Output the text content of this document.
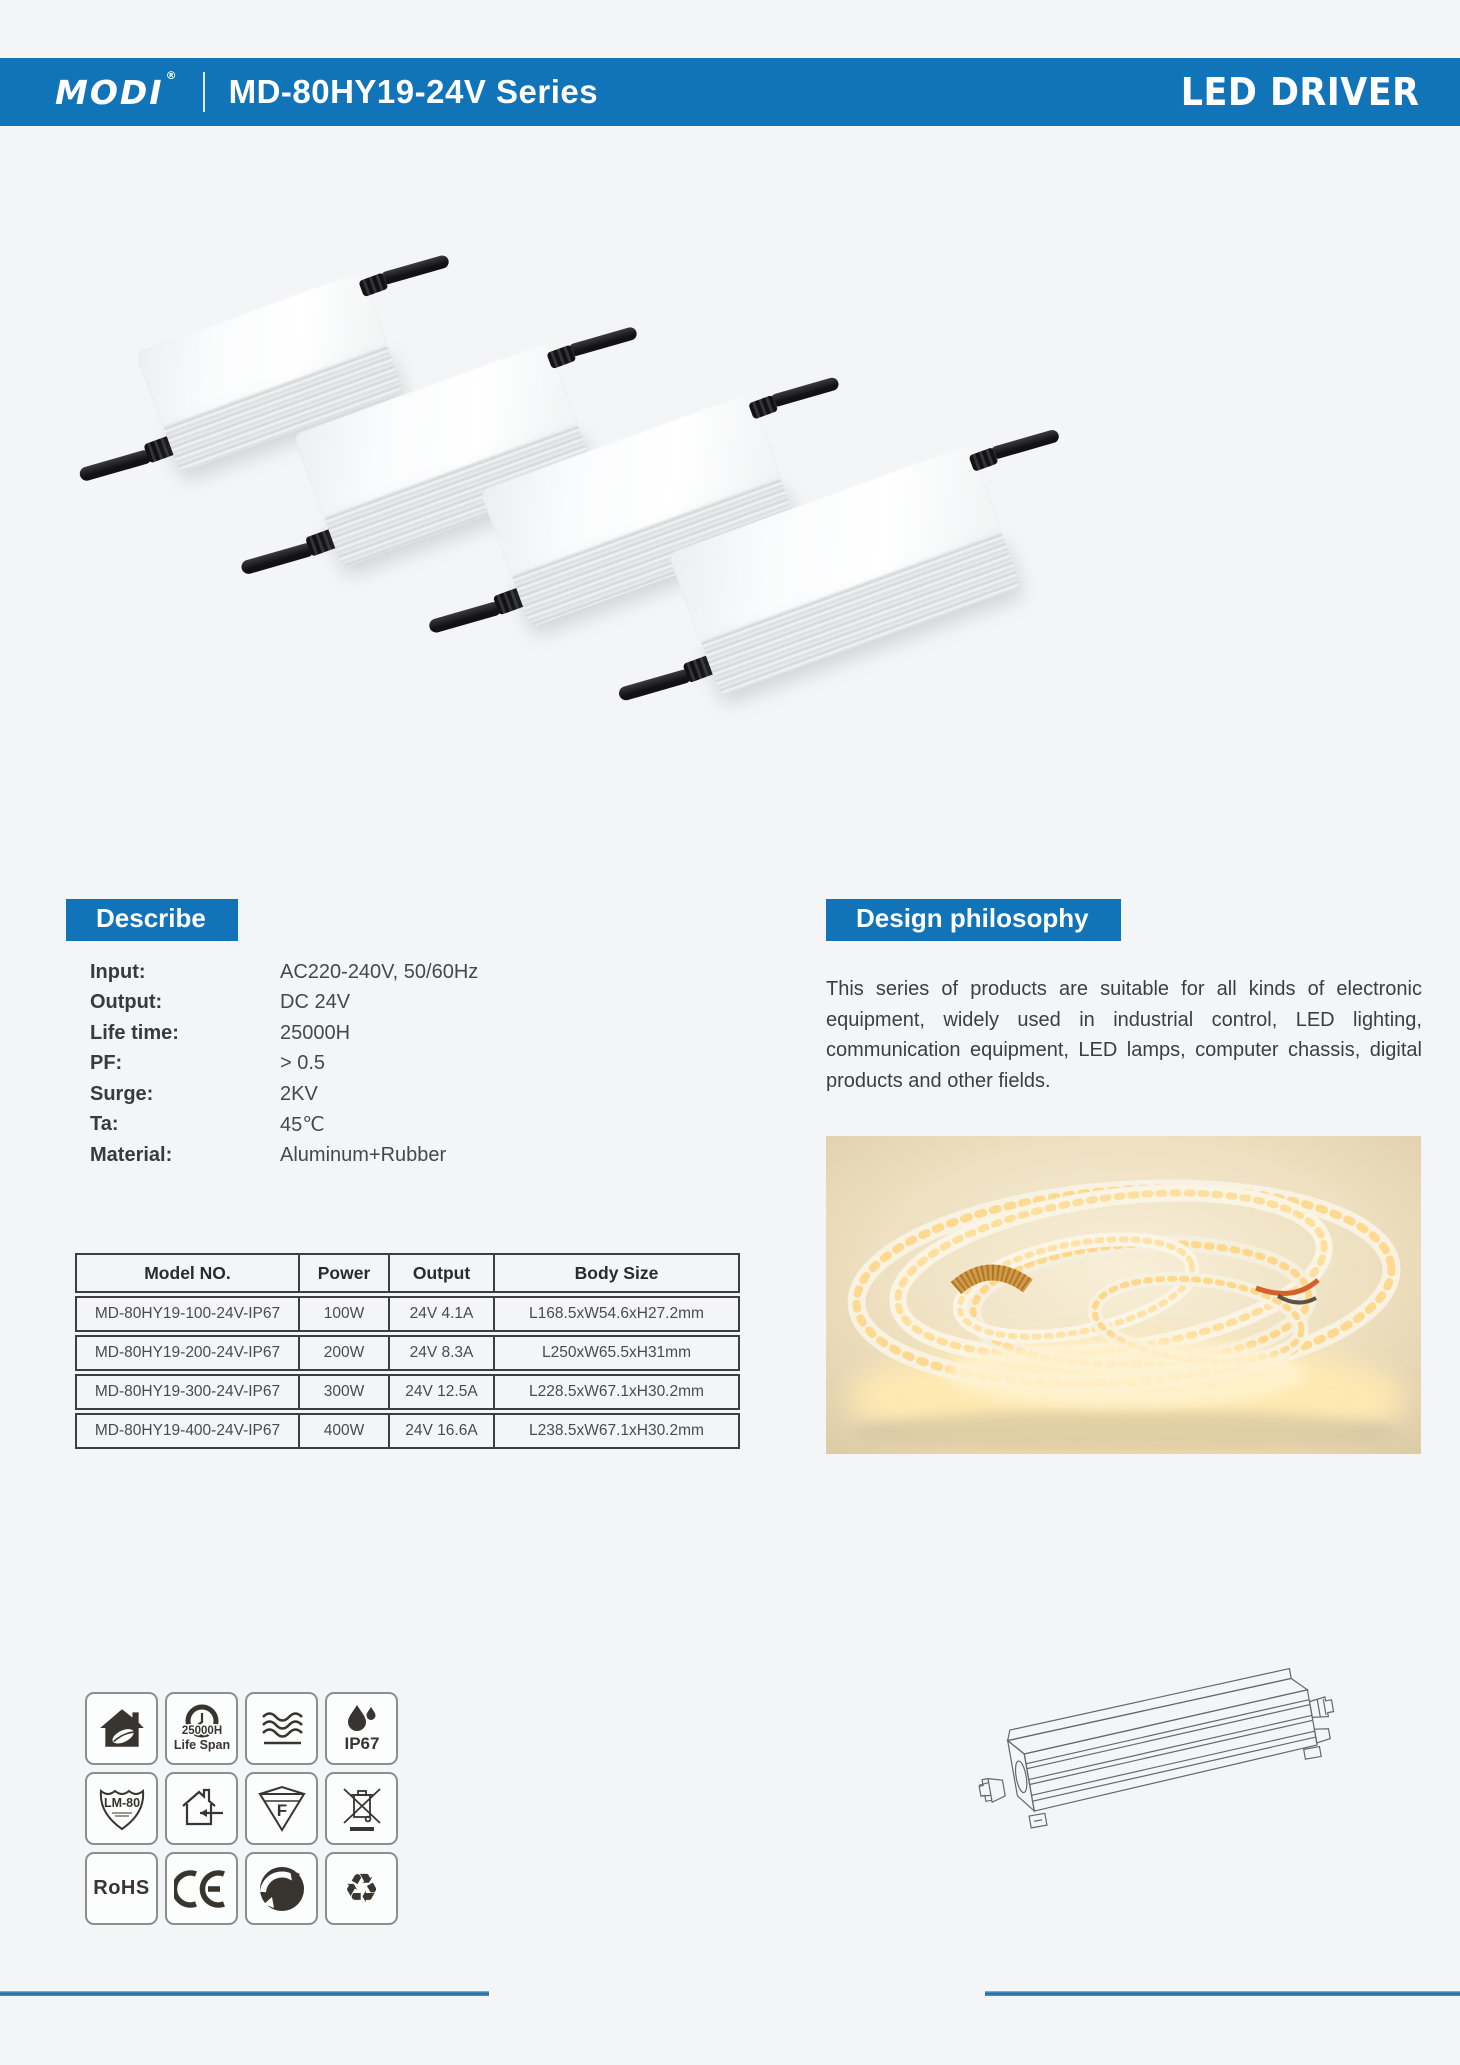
MODI ® MD-80HY19-24V Series	LED DRIVER
Describe
Input:	AC220-240V, 50/60Hz
Output:	DC 24V
Life time:	25000H
PF:	> 0.5
Surge:	2KV
Ta:	45℃
Material:	Aluminum+Rubber
Design philosophy

This series of products are suitable for all kinds of electronic equipment, widely used in industrial control, LED lighting, communication equipment, LED lamps, computer chassis, digital products and other fields.

Model NO.	Power	Output	Body Size
MD-80HY19-100-24V-IP67	100W	24V 4.1A	L168.5xW54.6xH27.2mm
MD-80HY19-200-24V-IP67	200W	24V 8.3A	L250xW65.5xH31mm
MD-80HY19-300-24V-IP67	300W	24V 12.5A	L228.5xW67.1xH30.2mm
MD-80HY19-400-24V-IP67	400W	24V 16.6A	L238.5xW67.1xH30.2mm
25000H
Life Span	IP67
LM-80	F
RoHS	♻
